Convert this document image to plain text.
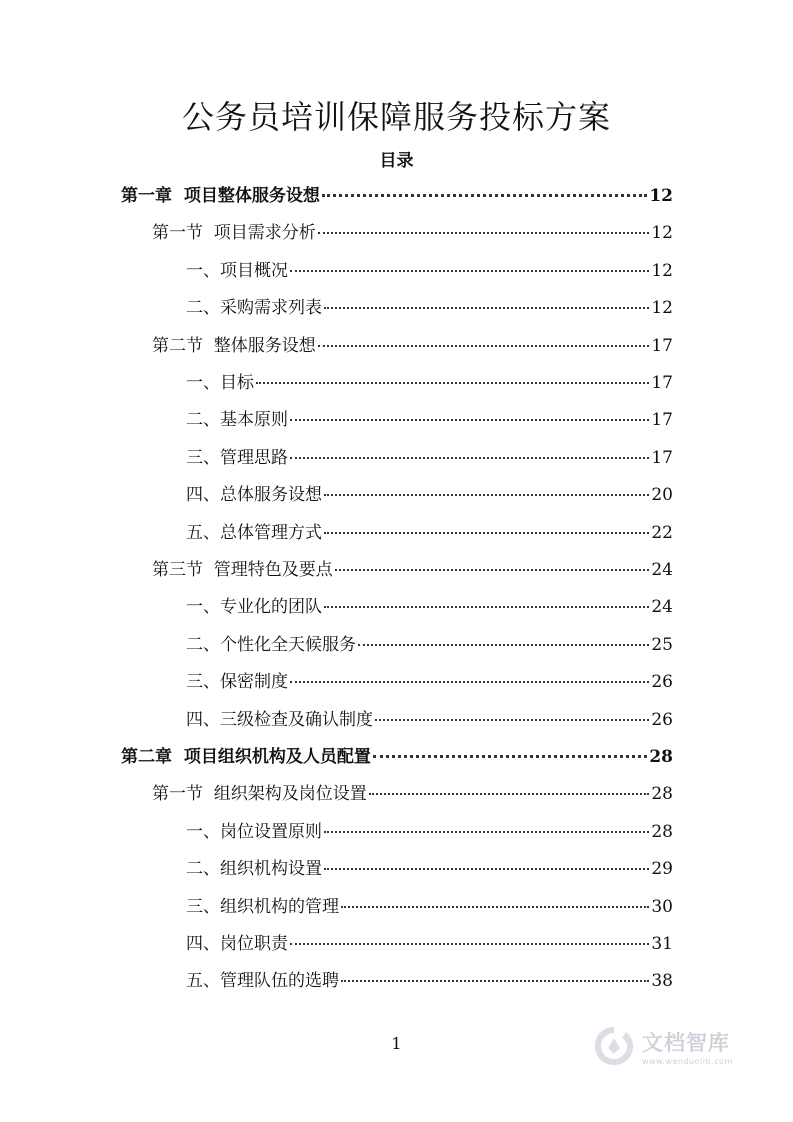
公务员培训保障服务投标方案
目录
第一章  项目整体服务设想	12
第一节  项目需求分析	12
一、项目概况	12
二、采购需求列表	12
第二节  整体服务设想	17
一、目标	17
二、基本原则	17
三、管理思路	17
四、总体服务设想	20
五、总体管理方式	22
第三节  管理特色及要点	24
一、专业化的团队	24
二、个性化全天候服务	25
三、保密制度	26
四、三级检查及确认制度	26
第二章  项目组织机构及人员配置	28
第一节  组织架构及岗位设置	28
一、岗位设置原则	28
二、组织机构设置	29
三、组织机构的管理	30
四、岗位职责	31
五、管理队伍的选聘	38
1	文档智库
www.wenduolib.com
